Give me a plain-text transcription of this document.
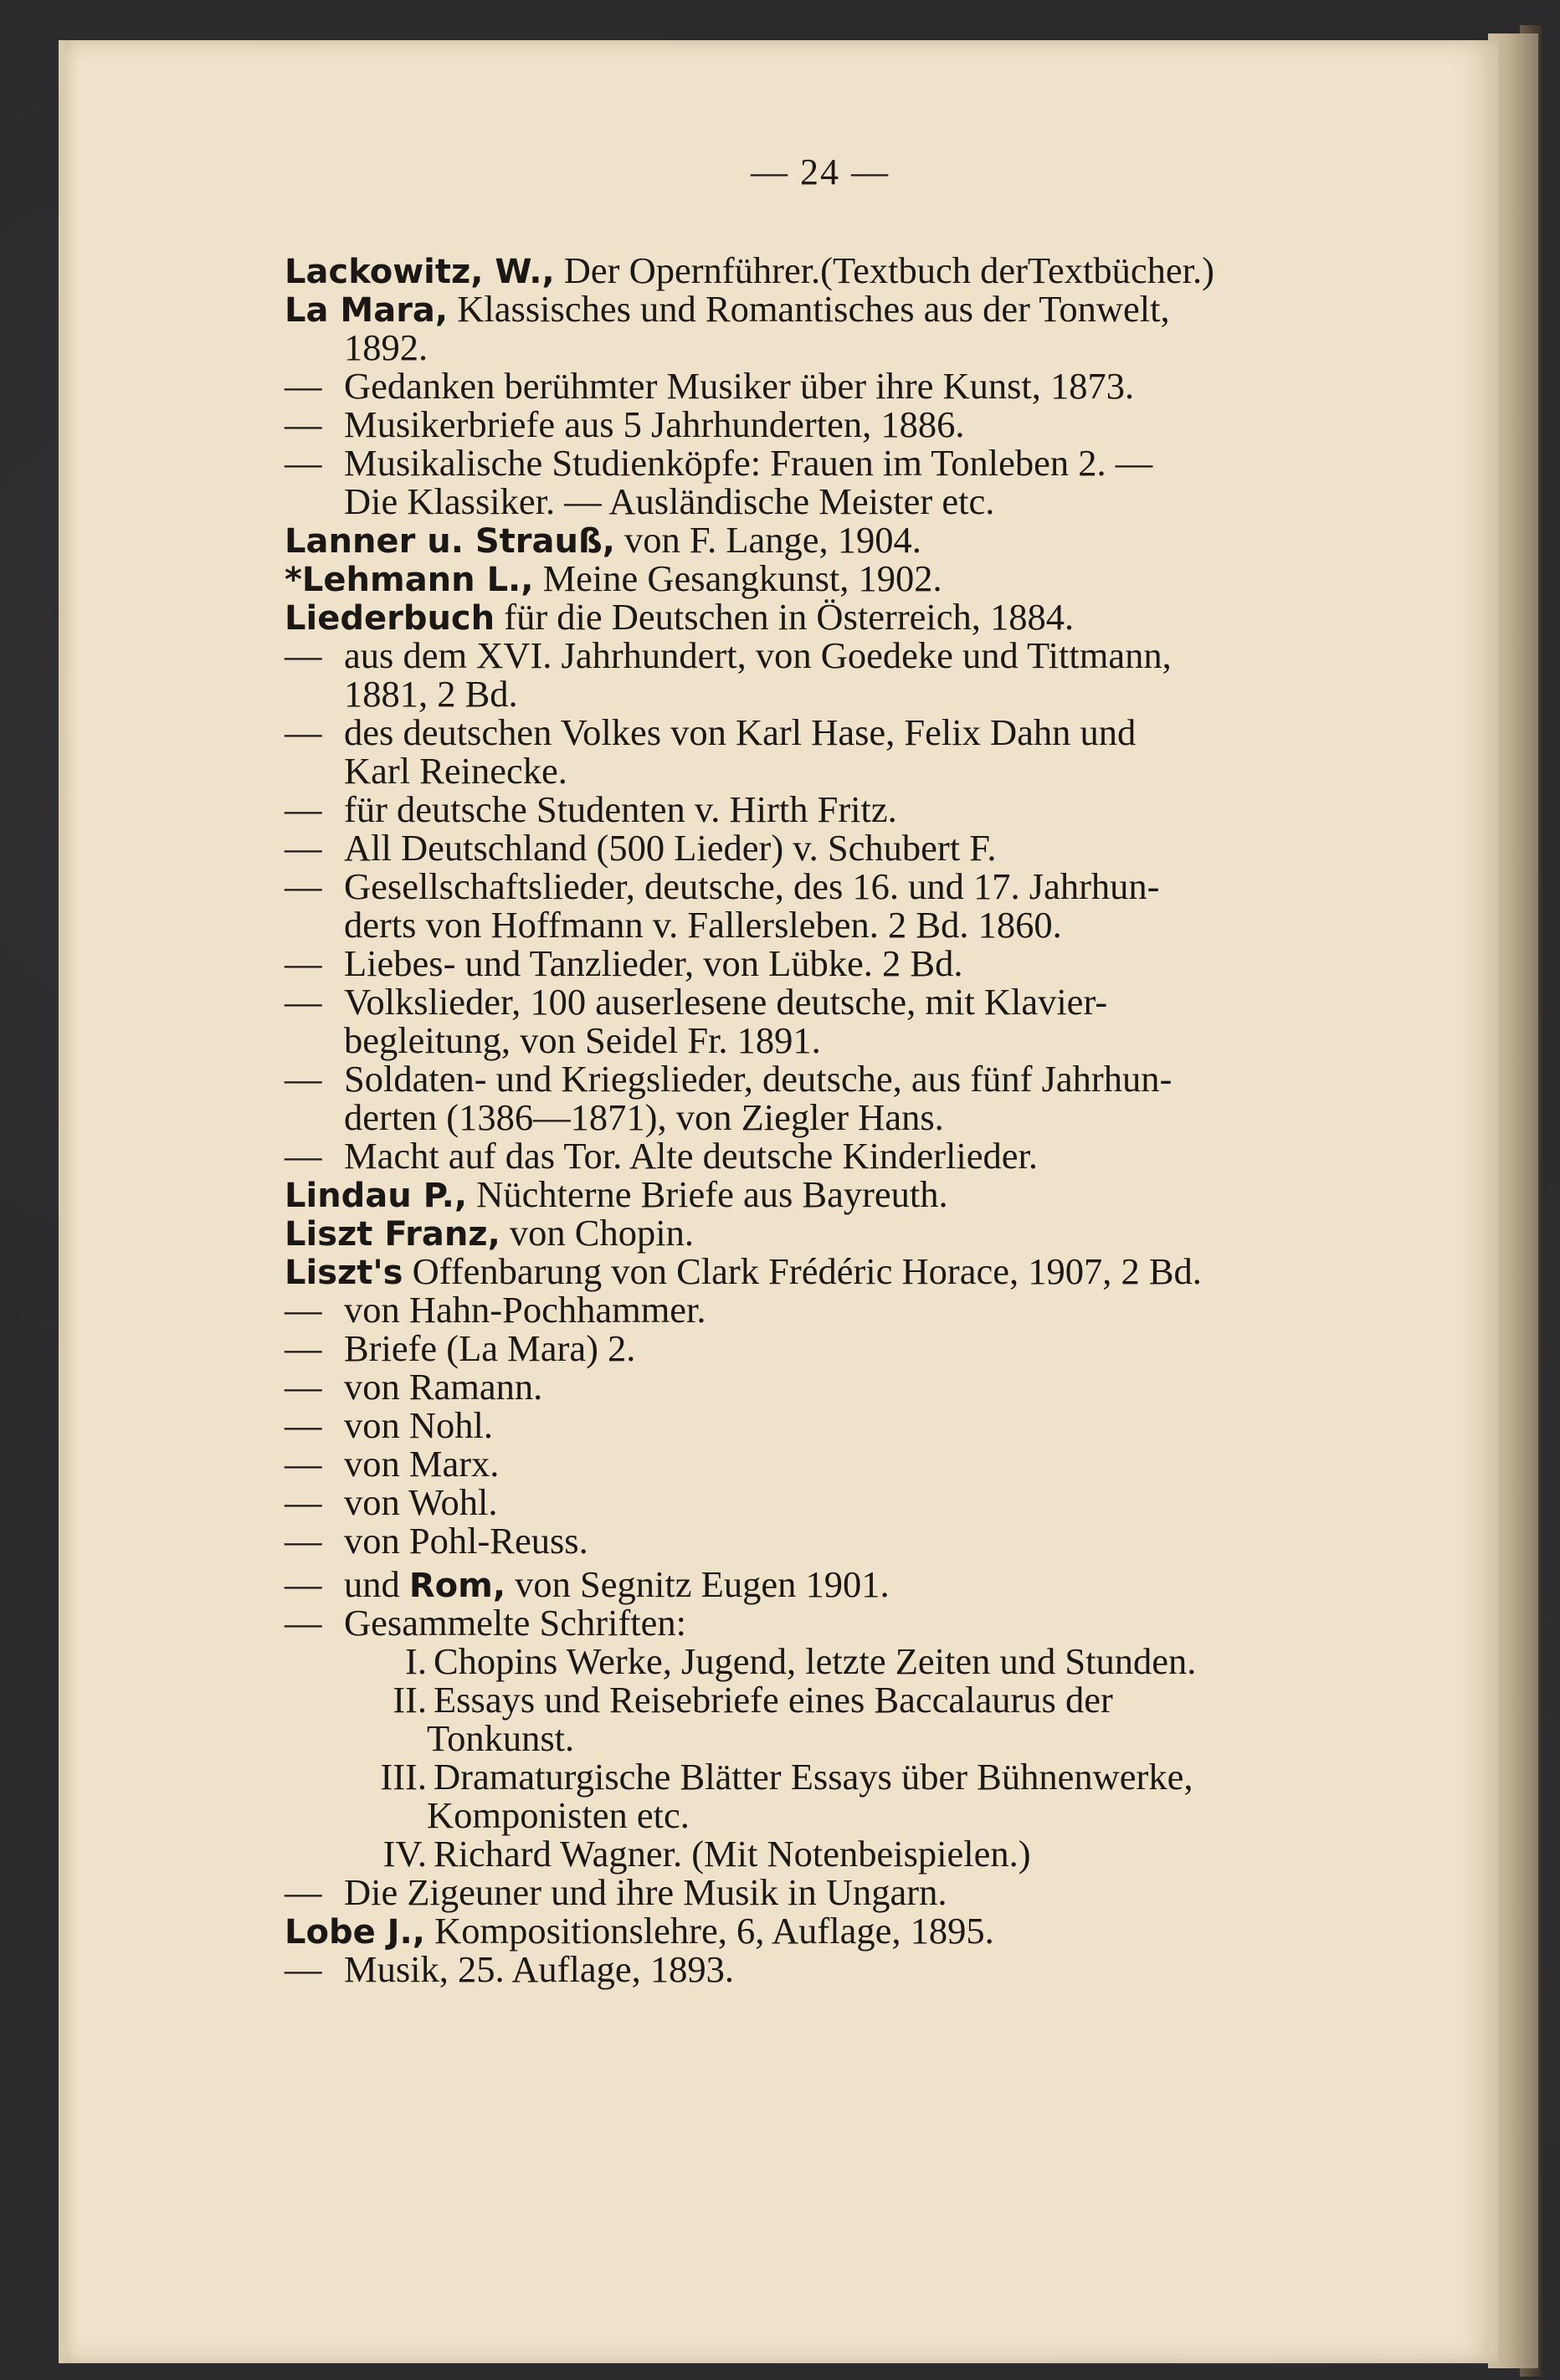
— 24 —
Lackowitz, W., Der Opernführer.(Textbuch derTextbücher.)
La Mara, Klassisches und Romantisches aus der Tonwelt,
1892.
— Gedanken berühmter Musiker über ihre Kunst, 1873.
— Musikerbriefe aus 5 Jahrhunderten, 1886.
— Musikalische Studienköpfe: Frauen im Tonleben 2. —
Die Klassiker. — Ausländische Meister etc.
Lanner u. Strauß, von F. Lange, 1904.
*Lehmann L., Meine Gesangkunst, 1902.
Liederbuch für die Deutschen in Österreich, 1884.
— aus dem XVI. Jahrhundert, von Goedeke und Tittmann,
1881, 2 Bd.
— des deutschen Volkes von Karl Hase, Felix Dahn und
Karl Reinecke.
— für deutsche Studenten v. Hirth Fritz.
— All Deutschland (500 Lieder) v. Schubert F.
— Gesellschaftslieder, deutsche, des 16. und 17. Jahrhun-
derts von Hoffmann v. Fallersleben. 2 Bd. 1860.
— Liebes- und Tanzlieder, von Lübke. 2 Bd.
— Volkslieder, 100 auserlesene deutsche, mit Klavier-
begleitung, von Seidel Fr. 1891.
— Soldaten- und Kriegslieder, deutsche, aus fünf Jahrhun-
derten (1386—1871), von Ziegler Hans.
— Macht auf das Tor. Alte deutsche Kinderlieder.
Lindau P., Nüchterne Briefe aus Bayreuth.
Liszt Franz, von Chopin.
Liszt's Offenbarung von Clark Frédéric Horace, 1907, 2 Bd.
— von Hahn-Pochhammer.
— Briefe (La Mara) 2.
— von Ramann.
— von Nohl.
— von Marx.
— von Wohl.
— von Pohl-Reuss.
— und Rom, von Segnitz Eugen 1901.
— Gesammelte Schriften:
I. Chopins Werke, Jugend, letzte Zeiten und Stunden.
II. Essays und Reisebriefe eines Baccalaurus der
Tonkunst.
III. Dramaturgische Blätter Essays über Bühnenwerke,
Komponisten etc.
IV. Richard Wagner. (Mit Notenbeispielen.)
— Die Zigeuner und ihre Musik in Ungarn.
Lobe J., Kompositionslehre, 6, Auflage, 1895.
— Musik, 25. Auflage, 1893.
